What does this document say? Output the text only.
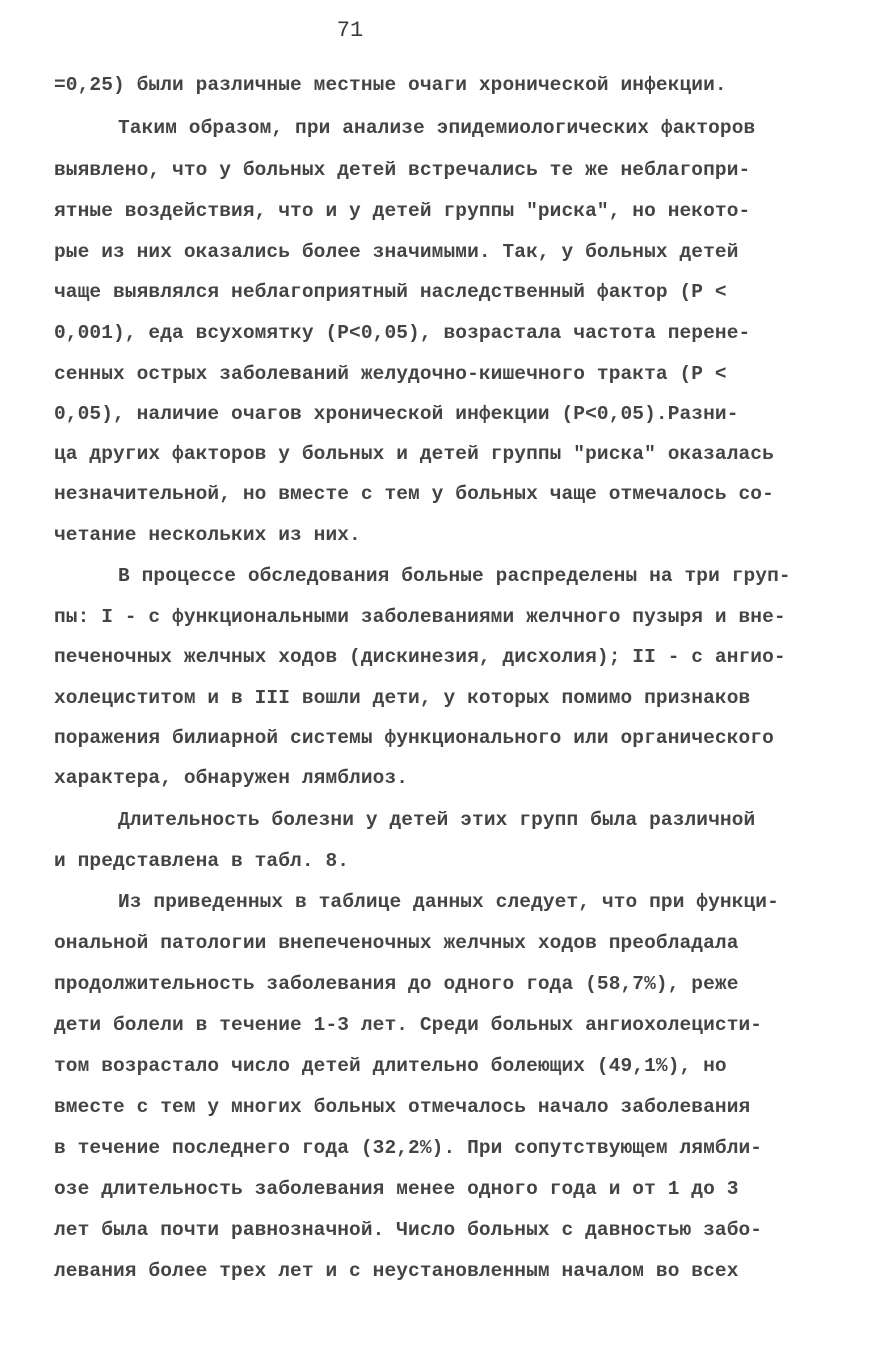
71
=0,25) были различные местные очаги хронической инфекции.
Таким образом, при анализе эпидемиологических факторов
выявлено, что у больных детей встречались те же неблагопри-
ятные воздействия, что и у детей группы "риска", но некото-
рые из них оказались более значимыми. Так, у больных детей
чаще выявлялся неблагоприятный наследственный фактор (Р <
0,001), еда всухомятку (Р<0,05), возрастала частота перене-
сенных острых заболеваний желудочно-кишечного тракта (Р <
0,05), наличие очагов хронической инфекции (Р<0,05).Разни-
ца других факторов у больных и детей группы "риска" оказалась
незначительной, но вместе с тем у больных чаще отмечалось со-
четание нескольких из них.
В процессе обследования больные распределены на три груп-
пы: I - с функциональными заболеваниями желчного пузыря и вне-
печеночных желчных ходов (дискинезия, дисхолия); II - с ангио-
холециститом и в III вошли дети, у которых помимо признаков
поражения билиарной системы функционального или органического
характера, обнаружен лямблиоз.
Длительность болезни у детей этих групп была различной
и представлена в табл. 8.
Из приведенных в таблице данных следует, что при функци-
ональной патологии внепеченочных желчных ходов преобладала
продолжительность заболевания до одного года (58,7%), реже
дети болели в течение 1-3 лет. Среди больных ангиохолецисти-
том возрастало число детей длительно болеющих (49,1%), но
вместе с тем у многих больных отмечалось начало заболевания
в течение последнего года (32,2%). При сопутствующем лямбли-
озе длительность заболевания менее одного года и от 1 до 3
лет была почти равнозначной. Число больных с давностью забо-
левания более трех лет и с неустановленным началом во всех
